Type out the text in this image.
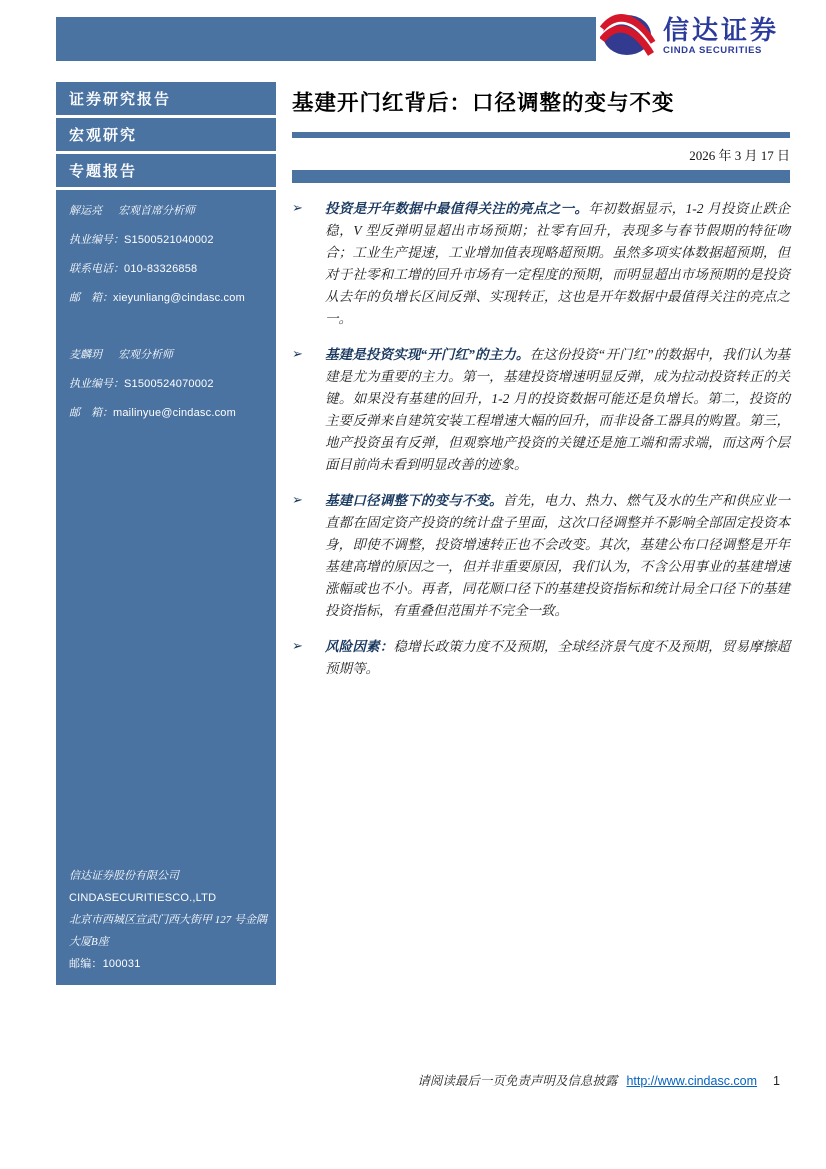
信达证券
CINDA SECURITIES
证券研究报告
宏观研究
专题报告
解运亮 宏观首席分析师
执业编号： S1500521040002
联系电话： 010-83326858
邮　箱： xieyunliang@cindasc.com
麦麟玥 宏观分析师
执业编号： S1500524070002
邮　箱： mailinyue@cindasc.com
信达证券股份有限公司
CINDASECURITIESCO.,LTD
北京市西城区宣武门西大街甲 127 号金隅
大厦B座
邮编：100031
基建开门红背后：口径调整的变与不变
2026 年 3 月 17 日
➢	投资是开年数据中最值得关注的亮点之一。年初数据显示，1-2 月投资止跌企稳，V 型反弹明显超出市场预期；社零有回升，表现多与春节假期的特征吻合；工业生产提速，工业增加值表现略超预期。虽然多项实体数据超预期，但对于社零和工增的回升市场有一定程度的预期，而明显超出市场预期的是投资从去年的负增长区间反弹、实现转正，这也是开年数据中最值得关注的亮点之一。

➢	基建是投资实现“开门红”的主力。在这份投资“开门红”的数据中，我们认为基建是尤为重要的主力。第一，基建投资增速明显反弹，成为拉动投资转正的关键。如果没有基建的回升，1-2 月的投资数据可能还是负增长。第二，投资的主要反弹来自建筑安装工程增速大幅的回升，而非设备工器具的购置。第三，地产投资虽有反弹，但观察地产投资的关键还是施工端和需求端，而这两个层面目前尚未看到明显改善的迹象。

➢	基建口径调整下的变与不变。首先，电力、热力、燃气及水的生产和供应业一直都在固定资产投资的统计盘子里面，这次口径调整并不影响全部固定投资本身，即使不调整，投资增速转正也不会改变。其次，基建公布口径调整是开年基建高增的原因之一，但并非重要原因，我们认为，不含公用事业的基建增速涨幅或也不小。再者，同花顺口径下的基建投资指标和统计局全口径下的基建投资指标，有重叠但范围并不完全一致。

➢	风险因素：稳增长政策力度不及预期，全球经济景气度不及预期，贸易摩擦超预期等。

请阅读最后一页免责声明及信息披露 http://www.cindasc.com 1
